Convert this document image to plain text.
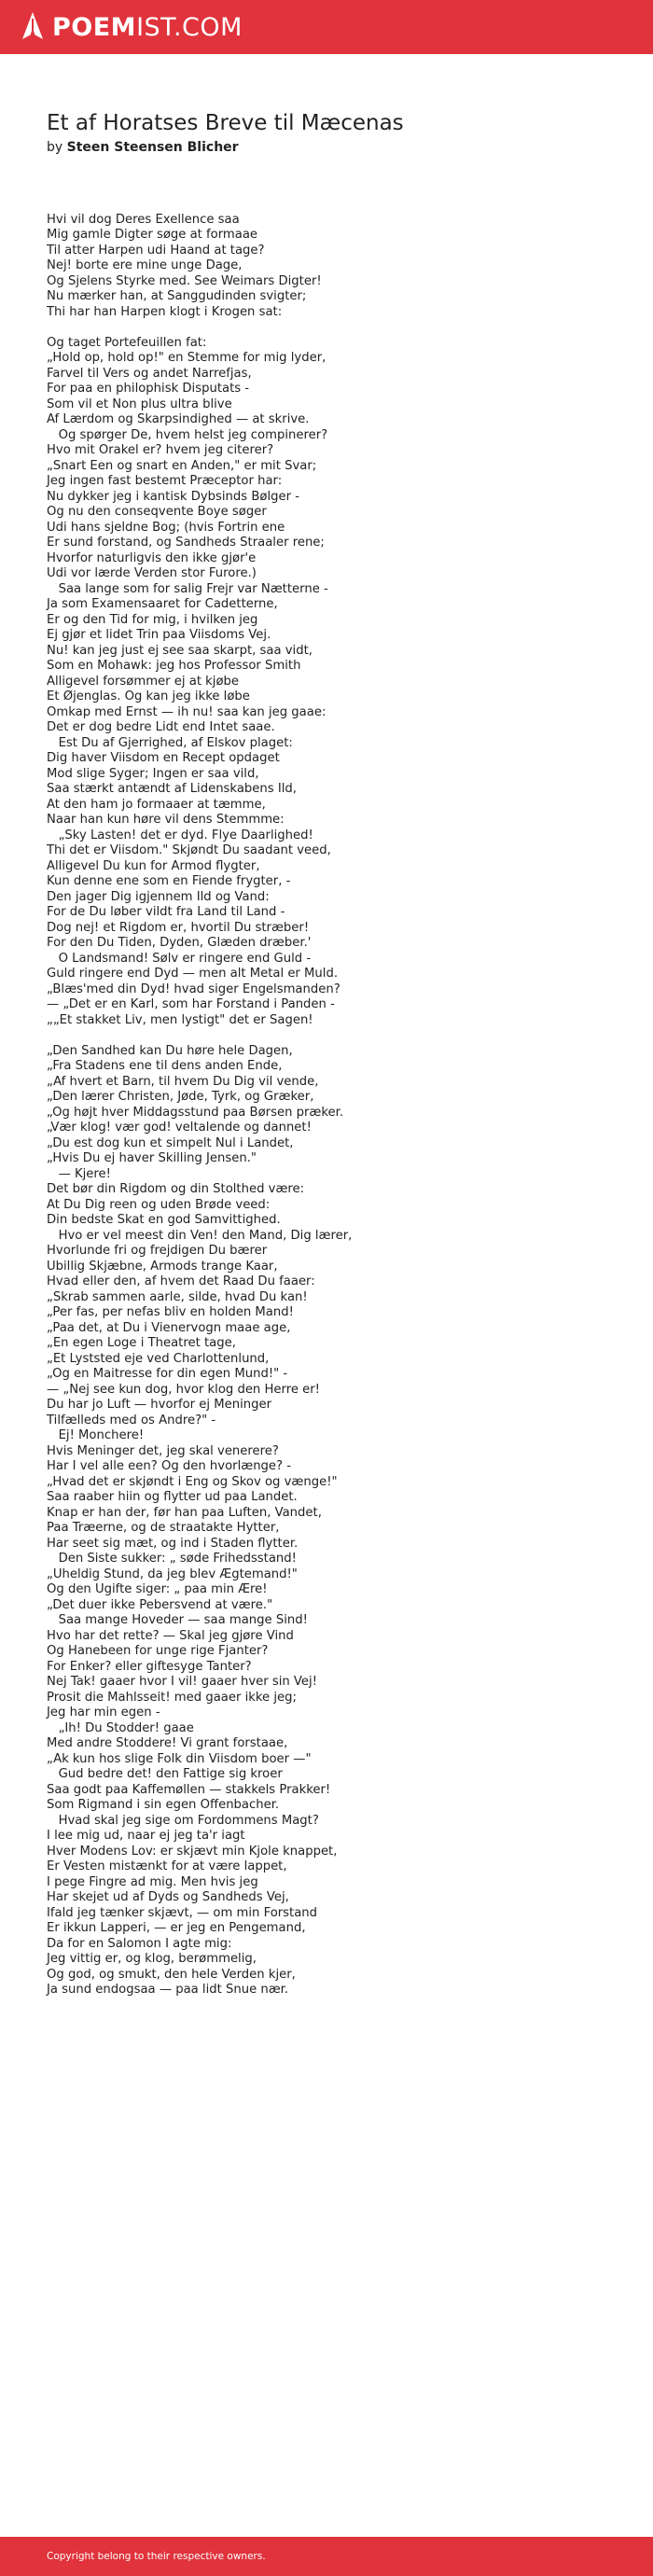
POEMIST.COM
Et af Horatses Breve til Mæcenas
by Steen Steensen Blicher
Hvi vil dog Deres Exellence saa
Mig gamle Digter søge at formaae
Til atter Harpen udi Haand at tage?
Nej! borte ere mine unge Dage,
Og Sjelens Styrke med. See Weimars Digter!
Nu mærker han, at Sanggudinden svigter;
Thi har han Harpen klogt i Krogen sat:

Og taget Portefeuillen fat:
„Hold op, hold op!" en Stemme for mig lyder,
Farvel til Vers og andet Narrefjas,
For paa en philophisk Disputats -
Som vil et Non plus ultra blive
Af Lærdom og Skarpsindighed — at skrive.
Og spørger De, hvem helst jeg compinerer?
Hvo mit Orakel er? hvem jeg citerer?
„Snart Een og snart en Anden," er mit Svar;
Jeg ingen fast bestemt Præceptor har:
Nu dykker jeg i kantisk Dybsinds Bølger -
Og nu den conseqvente Boye søger
Udi hans sjeldne Bog; (hvis Fortrin ene
Er sund forstand, og Sandheds Straaler rene;
Hvorfor naturligvis den ikke gjør'e
Udi vor lærde Verden stor Furore.)
Saa lange som for salig Frejr var Nætterne -
Ja som Examensaaret for Cadetterne,
Er og den Tid for mig, i hvilken jeg
Ej gjør et lidet Trin paa Viisdoms Vej.
Nu! kan jeg just ej see saa skarpt, saa vidt,
Som en Mohawk: jeg hos Professor Smith
Alligevel forsømmer ej at kjøbe
Et Øjenglas. Og kan jeg ikke løbe
Omkap med Ernst — ih nu! saa kan jeg gaae:
Det er dog bedre Lidt end Intet saae.
Est Du af Gjerrighed, af Elskov plaget:
Dig haver Viisdom en Recept opdaget
Mod slige Syger; Ingen er saa vild,
Saa stærkt antændt af Lidenskabens Ild,
At den ham jo formaaer at tæmme,
Naar han kun høre vil dens Stemmme:
„Sky Lasten! det er dyd. Flye Daarlighed!
Thi det er Viisdom." Skjøndt Du saadant veed,
Alligevel Du kun for Armod flygter,
Kun denne ene som en Fiende frygter, -
Den jager Dig igjennem Ild og Vand:
For de Du løber vildt fra Land til Land -
Dog nej! et Rigdom er, hvortil Du stræber!
For den Du Tiden, Dyden, Glæden dræber.'
O Landsmand! Sølv er ringere end Guld -
Guld ringere end Dyd — men alt Metal er Muld.
„Blæs'med din Dyd! hvad siger Engelsmanden?
— „Det er en Karl, som har Forstand i Panden -
„„Et stakket Liv, men lystigt" det er Sagen!

„Den Sandhed kan Du høre hele Dagen,
„Fra Stadens ene til dens anden Ende,
„Af hvert et Barn, til hvem Du Dig vil vende,
„Den lærer Christen, Jøde, Tyrk, og Græker,
„Og højt hver Middagsstund paa Børsen præker.
„Vær klog! vær god! veltalende og dannet!
„Du est dog kun et simpelt Nul i Landet,
„Hvis Du ej haver Skilling Jensen."
— Kjere!
Det bør din Rigdom og din Stolthed være:
At Du Dig reen og uden Brøde veed:
Din bedste Skat en god Samvittighed.
Hvo er vel meest din Ven! den Mand, Dig lærer,
Hvorlunde fri og frejdigen Du bærer
Ubillig Skjæbne, Armods trange Kaar,
Hvad eller den, af hvem det Raad Du faaer:
„Skrab sammen aarle, silde, hvad Du kan!
„Per fas, per nefas bliv en holden Mand!
„Paa det, at Du i Vienervogn maae age,
„En egen Loge i Theatret tage,
„Et Lyststed eje ved Charlottenlund,
„Og en Maitresse for din egen Mund!" -
— „Nej see kun dog, hvor klog den Herre er!
Du har jo Luft — hvorfor ej Meninger
Tilfælleds med os Andre?" -
Ej! Monchere!
Hvis Meninger det, jeg skal venerere?
Har I vel alle een? Og den hvorlænge? -
„Hvad det er skjøndt i Eng og Skov og vænge!"
Saa raaber hiin og flytter ud paa Landet.
Knap er han der, før han paa Luften, Vandet,
Paa Træerne, og de straatakte Hytter,
Har seet sig mæt, og ind i Staden flytter.
Den Siste sukker: „ søde Frihedsstand!
„Uheldig Stund, da jeg blev Ægtemand!"
Og den Ugifte siger: „ paa min Ære!
„Det duer ikke Pebersvend at være."
Saa mange Hoveder — saa mange Sind!
Hvo har det rette? — Skal jeg gjøre Vind
Og Hanebeen for unge rige Fjanter?
For Enker? eller giftesyge Tanter?
Nej Tak! gaaer hvor I vil! gaaer hver sin Vej!
Prosit die Mahlsseit! med gaaer ikke jeg;
Jeg har min egen -
„Ih! Du Stodder! gaae
Med andre Stoddere! Vi grant forstaae,
„Ak kun hos slige Folk din Viisdom boer —"
Gud bedre det! den Fattige sig kroer
Saa godt paa Kaffemøllen — stakkels Prakker!
Som Rigmand i sin egen Offenbacher.
Hvad skal jeg sige om Fordommens Magt?
I lee mig ud, naar ej jeg ta'r iagt
Hver Modens Lov: er skjævt min Kjole knappet,
Er Vesten mistænkt for at være lappet,
I pege Fingre ad mig. Men hvis jeg
Har skejet ud af Dyds og Sandheds Vej,
Ifald jeg tænker skjævt, — om min Forstand
Er ikkun Lapperi, — er jeg en Pengemand,
Da for en Salomon I agte mig:
Jeg vittig er, og klog, berømmelig,
Og god, og smukt, den hele Verden kjer,
Ja sund endogsaa — paa lidt Snue nær.
Copyright belong to their respective owners.
